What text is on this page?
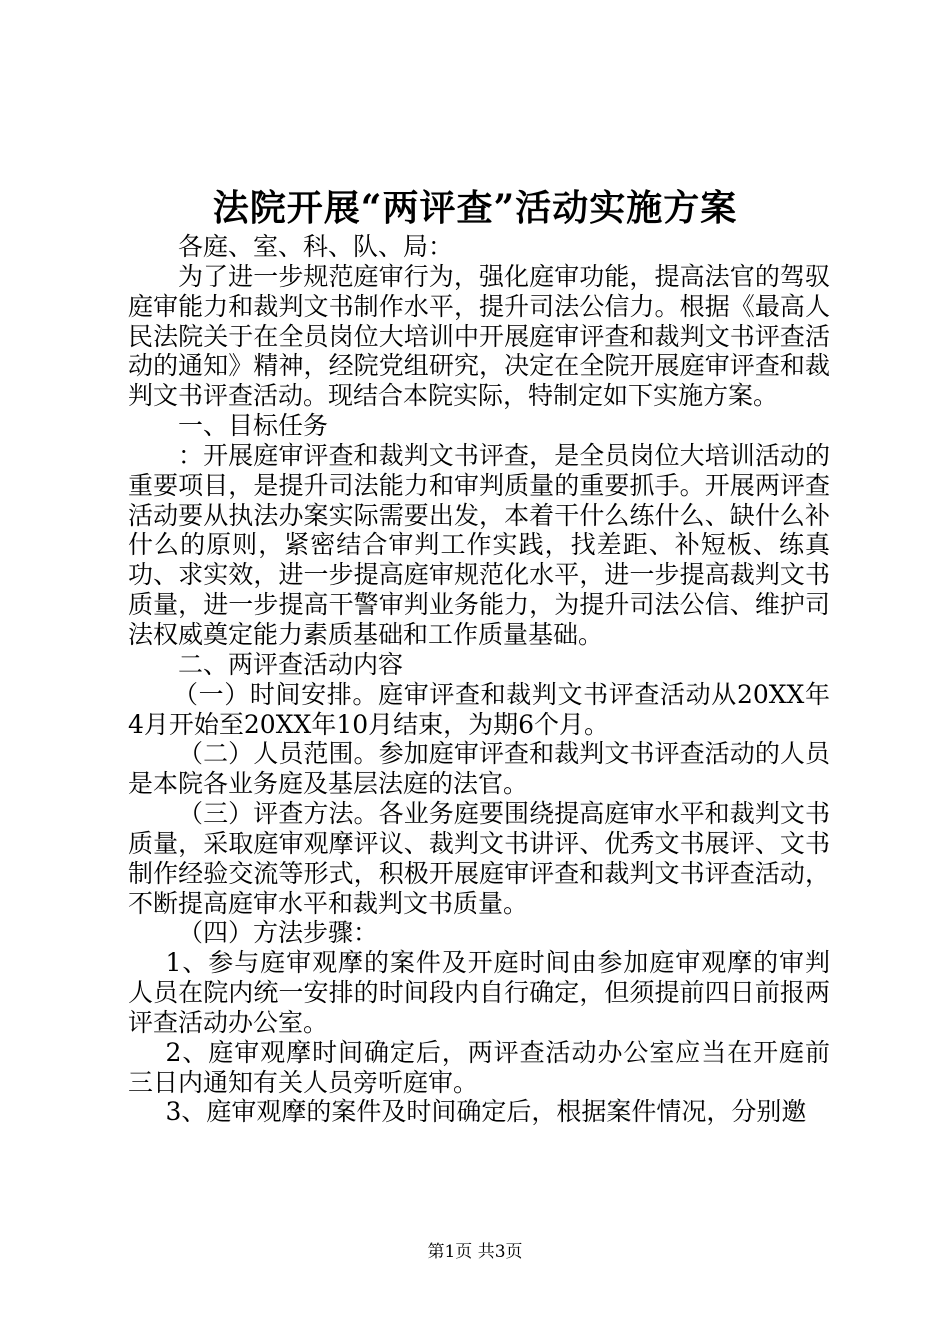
法院开展“两评查”活动实施方案

各庭、室、科、队、局：

为了进一步规范庭审行为，强化庭审功能，提高法官的驾驭庭审能力和裁判文书制作水平，提升司法公信力。根据《最高人民法院关于在全员岗位大培训中开展庭审评查和裁判文书评查活动的通知》精神，经院党组研究，决定在全院开展庭审评查和裁判文书评查活动。现结合本院实际，特制定如下实施方案。

一、目标任务

：开展庭审评查和裁判文书评查，是全员岗位大培训活动的重要项目，是提升司法能力和审判质量的重要抓手。开展两评查活动要从执法办案实际需要出发，本着干什么练什么、缺什么补什么的原则，紧密结合审判工作实践，找差距、补短板、练真功、求实效，进一步提高庭审规范化水平，进一步提高裁判文书质量，进一步提高干警审判业务能力，为提升司法公信、维护司法权威奠定能力素质基础和工作质量基础。

二、两评查活动内容

（一）时间安排。庭审评查和裁判文书评查活动从20XX年4月开始至20XX年10月结束，为期6个月。

（二）人员范围。参加庭审评查和裁判文书评查活动的人员是本院各业务庭及基层法庭的法官。

（三）评查方法。各业务庭要围绕提高庭审水平和裁判文书质量，采取庭审观摩评议、裁判文书讲评、优秀文书展评、文书制作经验交流等形式，积极开展庭审评查和裁判文书评查活动，不断提高庭审水平和裁判文书质量。

（四）方法步骤：

1、参与庭审观摩的案件及开庭时间由参加庭审观摩的审判人员在院内统一安排的时间段内自行确定，但须提前四日前报两评查活动办公室。

2、庭审观摩时间确定后，两评查活动办公室应当在开庭前三日内通知有关人员旁听庭审。

3、庭审观摩的案件及时间确定后，根据案件情况，分别邀

第1页 共3页
